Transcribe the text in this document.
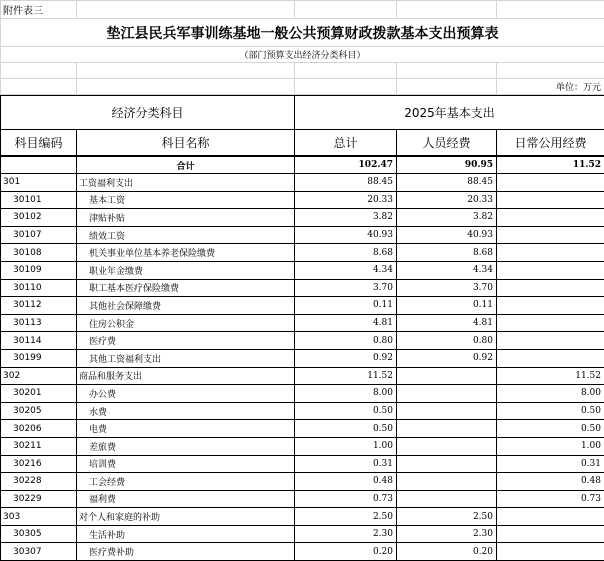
附件表三				
垫江县民兵军事训练基地一般公共预算财政拨款基本支出预算表				
（部门预算支出经济分类科目）				

				单位：万元
经济分类科目		2025年基本支出		
科目编码	科目名称	总计	人员经费	日常公用经费
	合计	102.47	90.95	11.52
301	工资福利支出	88.45	88.45	
30101	基本工资	20.33	20.33	
30102	津贴补贴	3.82	3.82	
30107	绩效工资	40.93	40.93	
30108	机关事业单位基本养老保险缴费	8.68	8.68	
30109	职业年金缴费	4.34	4.34	
30110	职工基本医疗保险缴费	3.70	3.70	
30112	其他社会保障缴费	0.11	0.11	
30113	住房公积金	4.81	4.81	
30114	医疗费	0.80	0.80	
30199	其他工资福利支出	0.92	0.92	
302	商品和服务支出	11.52		11.52
30201	办公费	8.00		8.00
30205	水费	0.50		0.50
30206	电费	0.50		0.50
30211	差旅费	1.00		1.00
30216	培训费	0.31		0.31
30228	工会经费	0.48		0.48
30229	福利费	0.73		0.73
303	对个人和家庭的补助	2.50	2.50	
30305	生活补助	2.30	2.30	
30307	医疗费补助	0.20	0.20	
